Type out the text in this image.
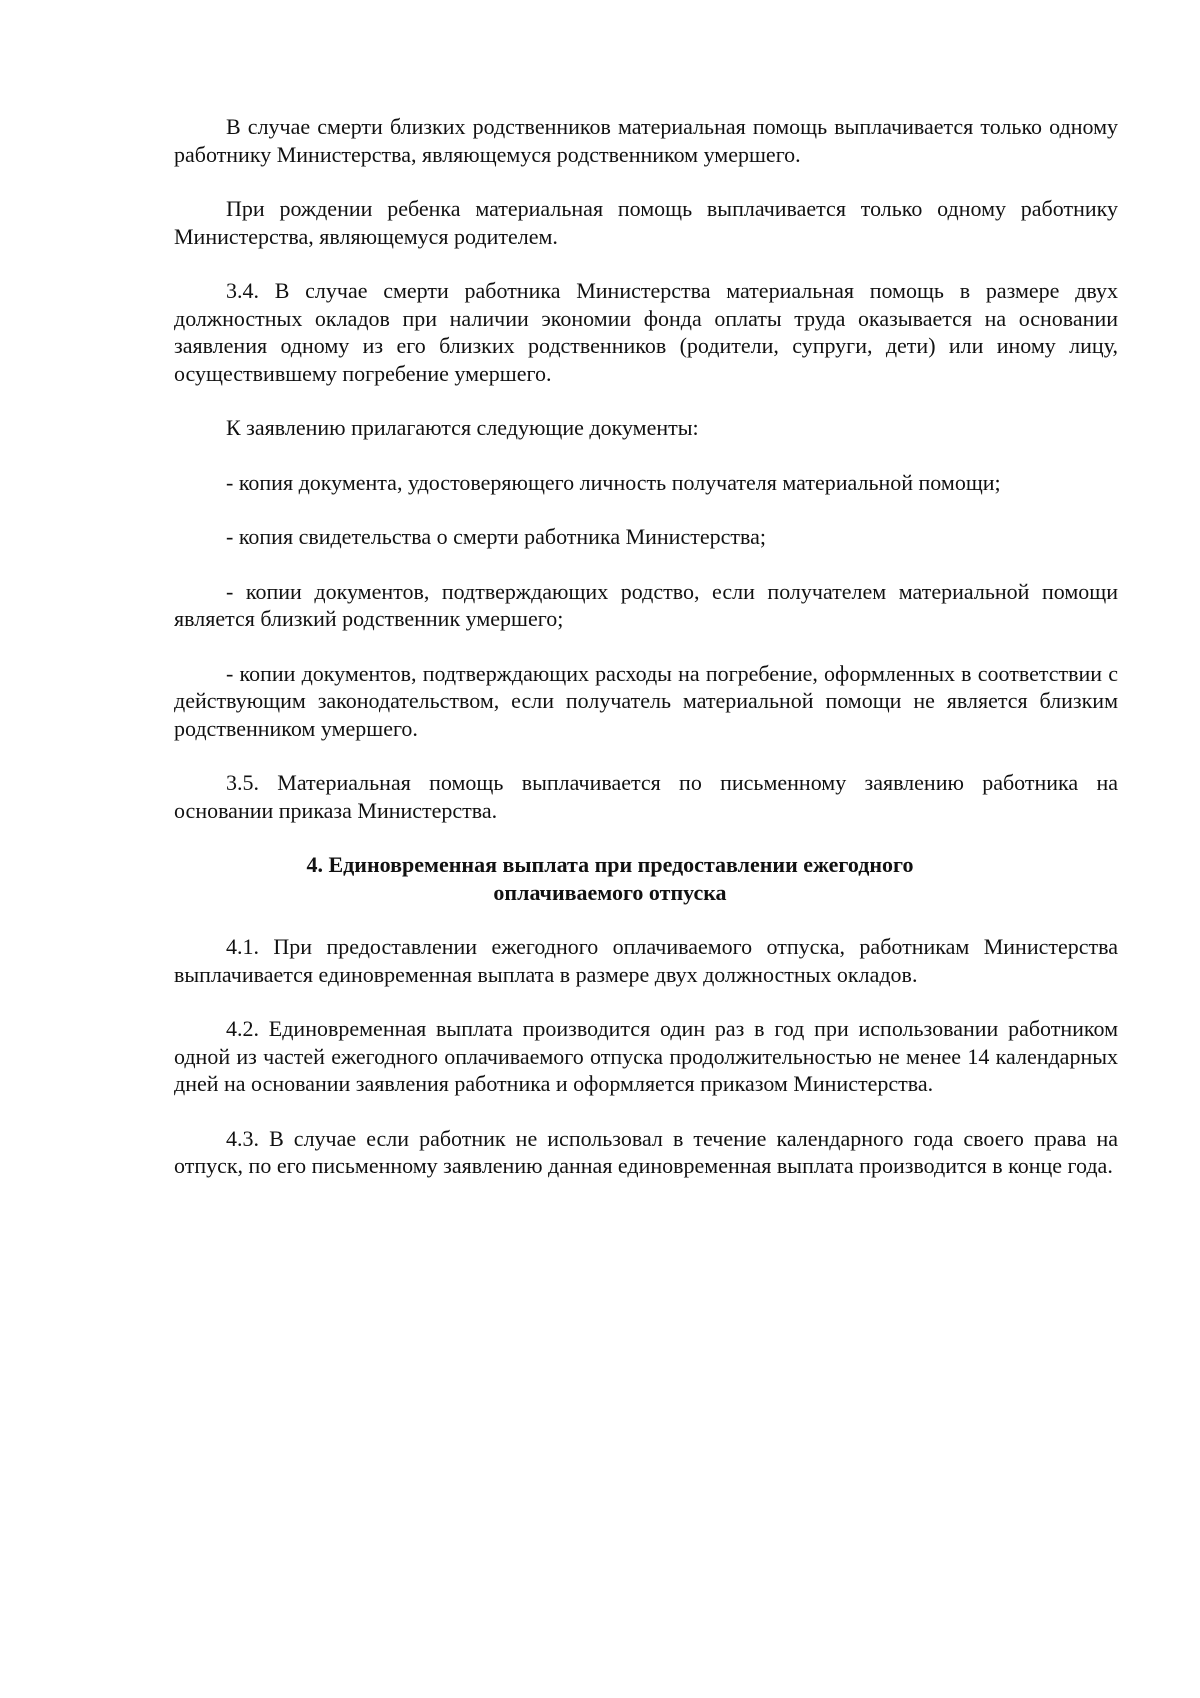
В случае смерти близких родственников материальная помощь выплачивается только одному работнику Министерства, являющемуся родственником умершего.

При рождении ребенка материальная помощь выплачивается только одному работнику Министерства, являющемуся родителем.

3.4. В случае смерти работника Министерства материальная помощь в размере двух должностных окладов при наличии экономии фонда оплаты труда оказывается на основании заявления одному из его близких родственников (родители, супруги, дети) или иному лицу, осуществившему погребение умершего.

К заявлению прилагаются следующие документы:

- копия документа, удостоверяющего личность получателя материальной помощи;

- копия свидетельства о смерти работника Министерства;

- копии документов, подтверждающих родство, если получателем материальной помощи является близкий родственник умершего;

- копии документов, подтверждающих расходы на погребение, оформленных в соответствии с действующим законодательством, если получатель материальной помощи не является близким родственником умершего.

3.5. Материальная помощь выплачивается по письменному заявлению работника на основании приказа Министерства.

4. Единовременная выплата при предоставлении ежегодного
оплачиваемого отпуска

4.1. При предоставлении ежегодного оплачиваемого отпуска, работникам Министерства выплачивается единовременная выплата в размере двух должностных окладов.

4.2. Единовременная выплата производится один раз в год при использовании работником одной из частей ежегодного оплачиваемого отпуска продолжительностью не менее 14 календарных дней на основании заявления работника и оформляется приказом Министерства.

4.3. В случае если работник не использовал в течение календарного года своего права на отпуск, по его письменному заявлению данная единовременная выплата производится в конце года.
